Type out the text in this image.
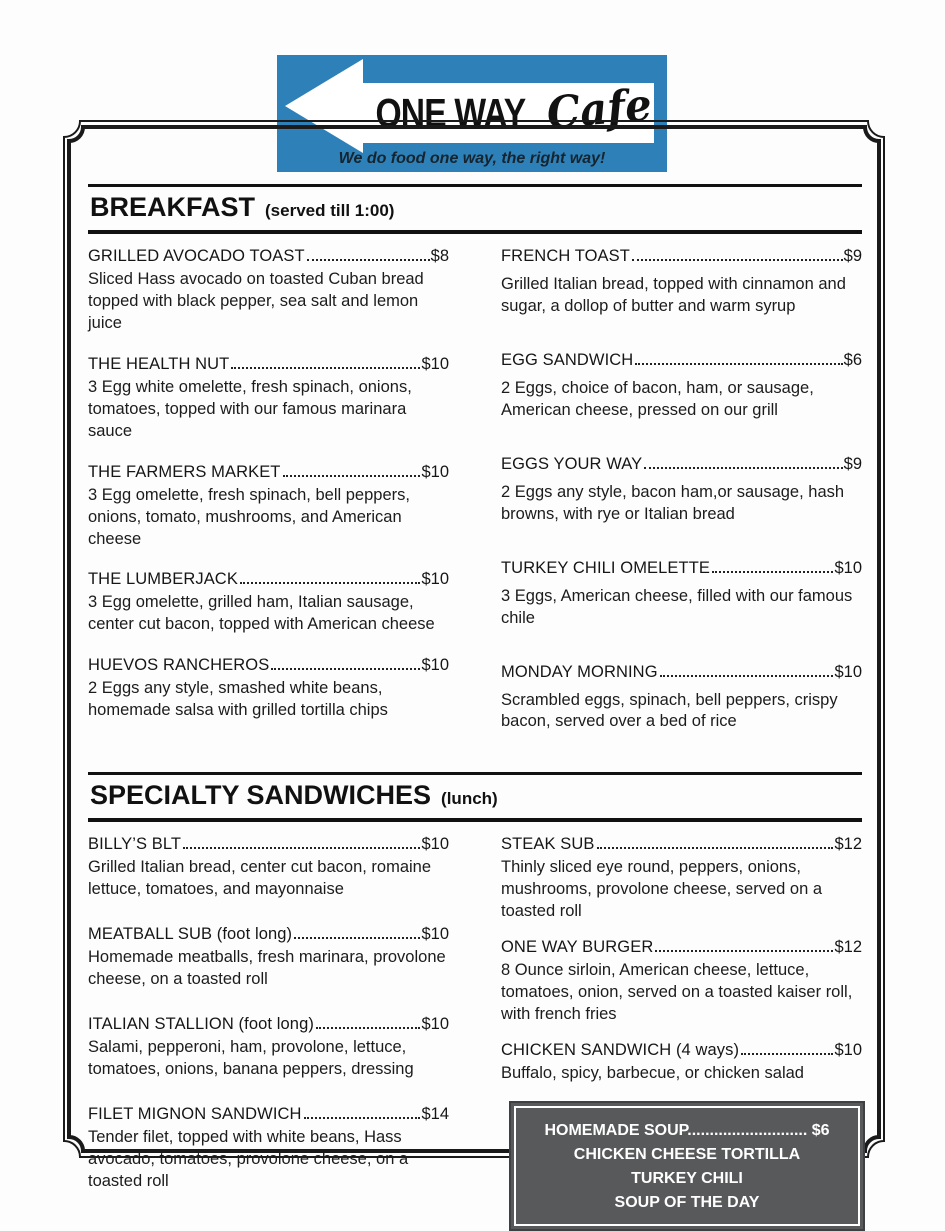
ONE WAY Cafe
We do food one way, the right way!
BREAKFAST (served till 1:00)
GRILLED AVOCADO TOAST	$8
Sliced Hass avocado on toasted Cuban bread topped with black pepper, sea salt and lemon juice
THE HEALTH NUT	$10
3 Egg white omelette, fresh spinach, onions, tomatoes, topped with our famous marinara sauce
THE FARMERS MARKET	$10
3 Egg omelette, fresh spinach, bell peppers, onions, tomato, mushrooms, and American cheese
THE LUMBERJACK	$10
3 Egg omelette, grilled ham, Italian sausage, center cut bacon, topped with American cheese
HUEVOS RANCHEROS	$10
2 Eggs any style, smashed white beans, homemade salsa with grilled tortilla chips
FRENCH TOAST	$9
Grilled Italian bread, topped with cinnamon and sugar, a dollop of butter and warm syrup
EGG SANDWICH	$6
2 Eggs, choice of bacon, ham, or sausage, American cheese, pressed on our grill
EGGS YOUR WAY	$9
2 Eggs any style, bacon ham,or sausage, hash browns, with rye or Italian bread
TURKEY CHILI OMELETTE	$10
3 Eggs, American cheese, filled with our famous chile
MONDAY MORNING	$10
Scrambled eggs, spinach, bell peppers, crispy bacon, served over a bed of rice
SPECIALTY SANDWICHES (lunch)
BILLY’S BLT	$10
Grilled Italian bread, center cut bacon, romaine lettuce, tomatoes, and mayonnaise
MEATBALL SUB (foot long)	$10
Homemade meatballs, fresh marinara, provolone cheese, on a toasted roll
ITALIAN STALLION (foot long)	$10
Salami, pepperoni, ham, provolone, lettuce, tomatoes, onions, banana peppers, dressing
FILET MIGNON SANDWICH	$14
Tender filet, topped with white beans, Hass avocado, tomatoes, provolone cheese, on a toasted roll
STEAK SUB	$12
Thinly sliced eye round, peppers, onions, mushrooms, provolone cheese, served on a toasted roll
ONE WAY BURGER	$12
8 Ounce sirloin, American cheese, lettuce, tomatoes, onion, served on a toasted kaiser roll, with french fries
CHICKEN SANDWICH (4 ways)	$10
Buffalo, spicy, barbecue, or chicken salad
HOMEMADE SOUP........................... $6
CHICKEN CHEESE TORTILLA
TURKEY CHILI
SOUP OF THE DAY
